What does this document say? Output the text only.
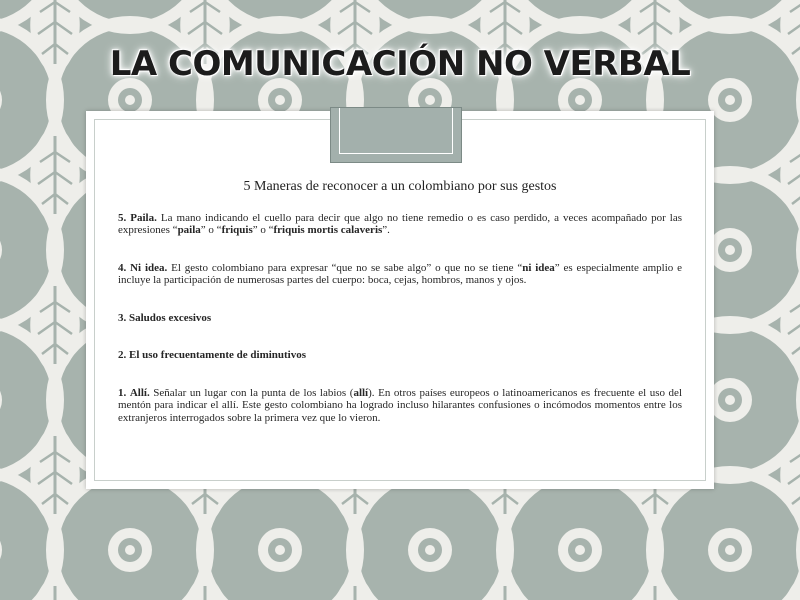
LA COMUNICACIÓN NO VERBAL
5 Maneras de reconocer a un colombiano por sus gestos

5. Paila. La mano indicando el cuello para decir que algo no tiene remedio o es caso perdido, a veces acompañado por las expresiones “paila” o “friquis” o “friquis mortis calaveris”.

4. Ni idea. El gesto colombiano para expresar “que no se sabe algo” o que no se tiene “ni idea” es especialmente amplio e incluye la participación de numerosas partes del cuerpo: boca, cejas, hombros, manos y ojos.

3. Saludos excesivos

2. El uso frecuentamente de diminutivos

1. Allí. Señalar un lugar con la punta de los labios (allí). En otros países europeos o latinoamericanos es frecuente el uso del mentón para indicar el allí. Este gesto colombiano ha logrado incluso hilarantes confusiones o incómodos momentos entre los extranjeros interrogados sobre la primera vez que lo vieron.
